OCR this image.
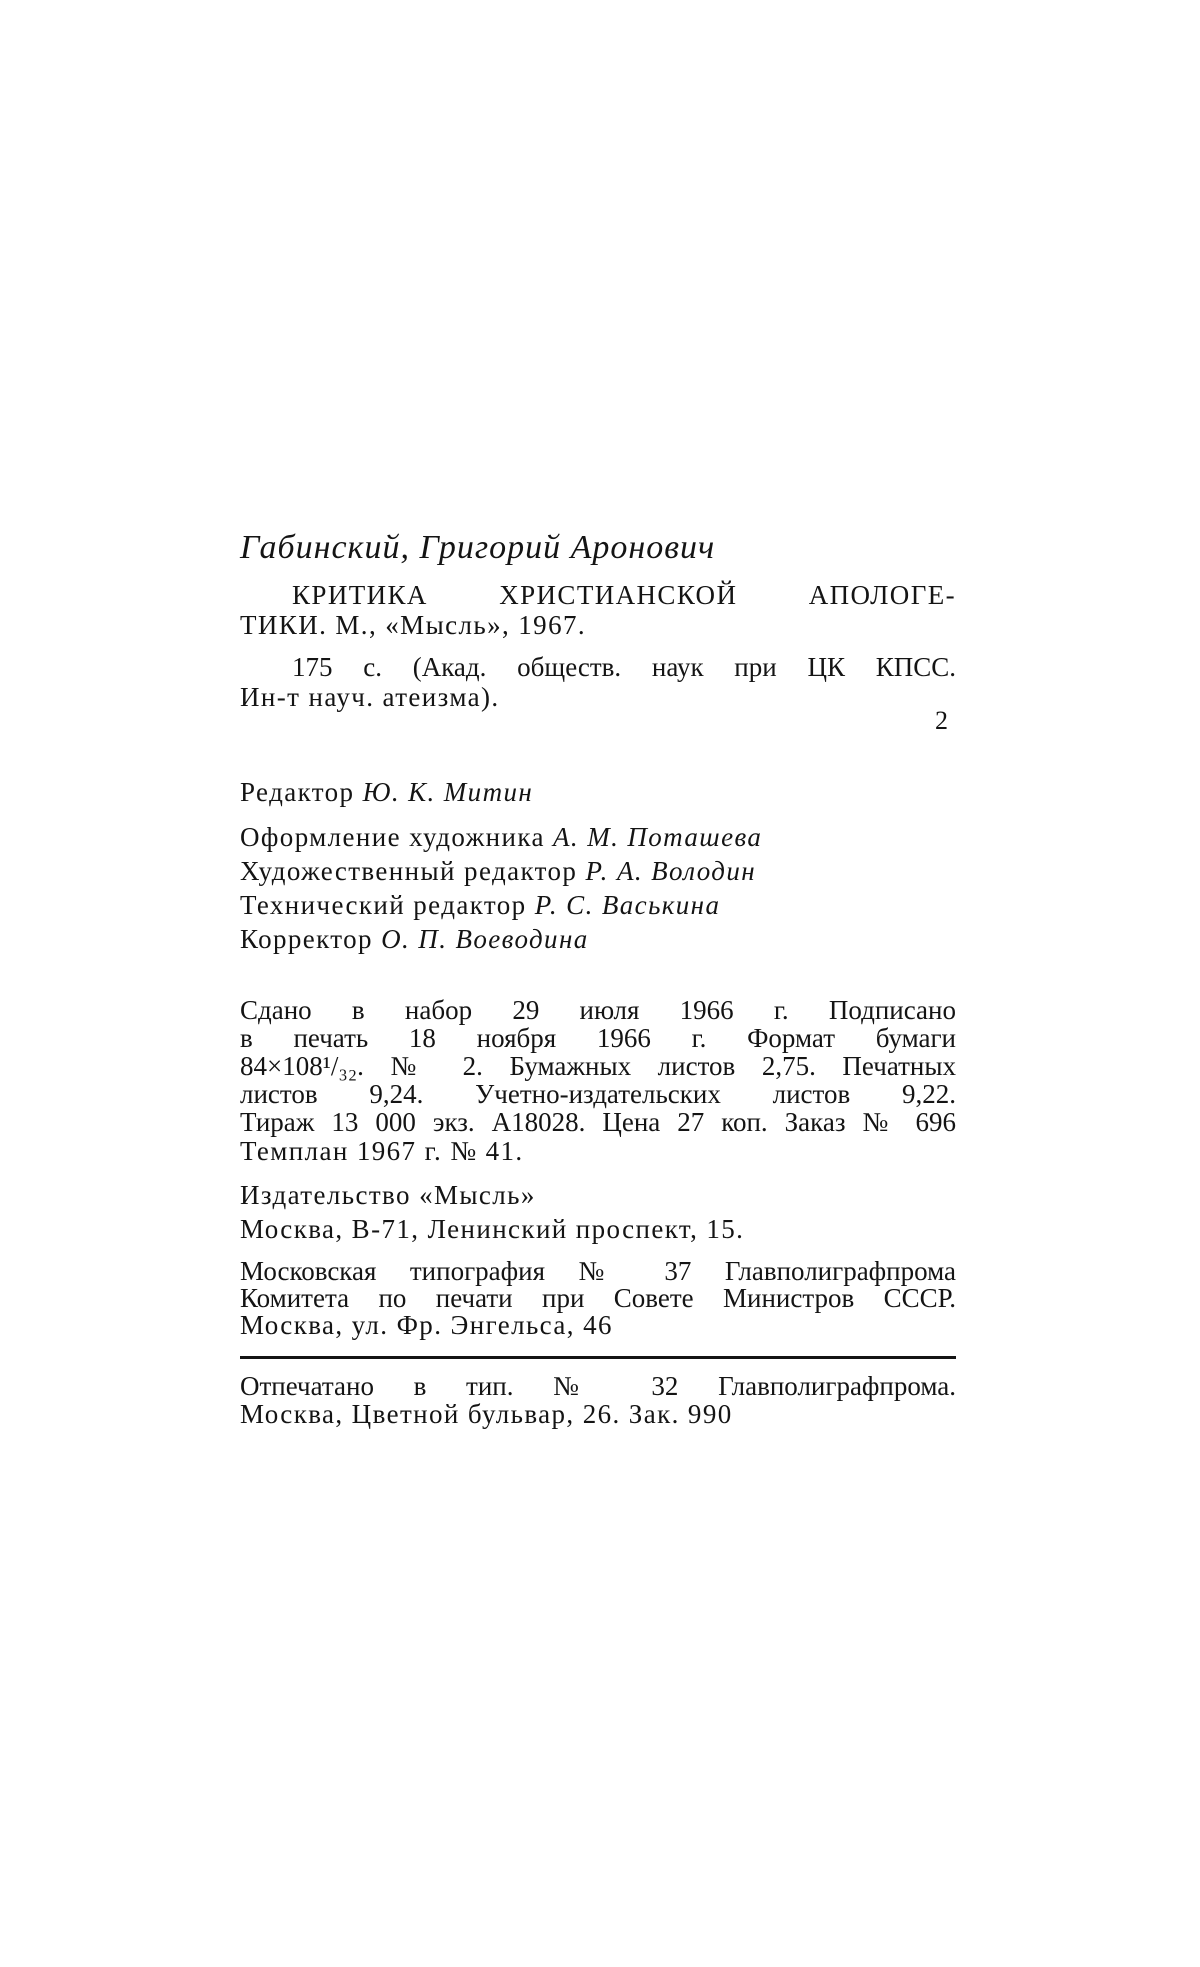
Габинский, Григорий Аронович
КРИТИКА ХРИСТИАНСКОЙ АПОЛОГЕ-
ТИКИ. М., «Мысль», 1967.
175 с. (Акад. обществ. наук при ЦК КПСС.
Ин-т науч. атеизма).
2
Редактор Ю. К. Митин
Оформление художника А. М. Поташева
Художественный редактор Р. А. Володин
Технический редактор Р. С. Васькина
Корректор О. П. Воеводина
Сдано в набор 29 июля 1966 г. Подписано
в печать 18 ноября 1966 г. Формат бумаги
84×108¹/₃₂. № 2. Бумажных листов 2,75. Печатных
листов 9,24. Учетно-издательских листов 9,22.
Тираж 13 000 экз. А18028. Цена 27 коп. Заказ № 696
Темплан 1967 г. № 41.
Издательство «Мысль»
Москва, В-71, Ленинский проспект, 15.
Московская типография № 37 Главполиграфпрома
Комитета по печати при Совете Министров СССР.
Москва, ул. Фр. Энгельса, 46
Отпечатано в тип. № 32 Главполиграфпрома.
Москва, Цветной бульвар, 26. Зак. 990
